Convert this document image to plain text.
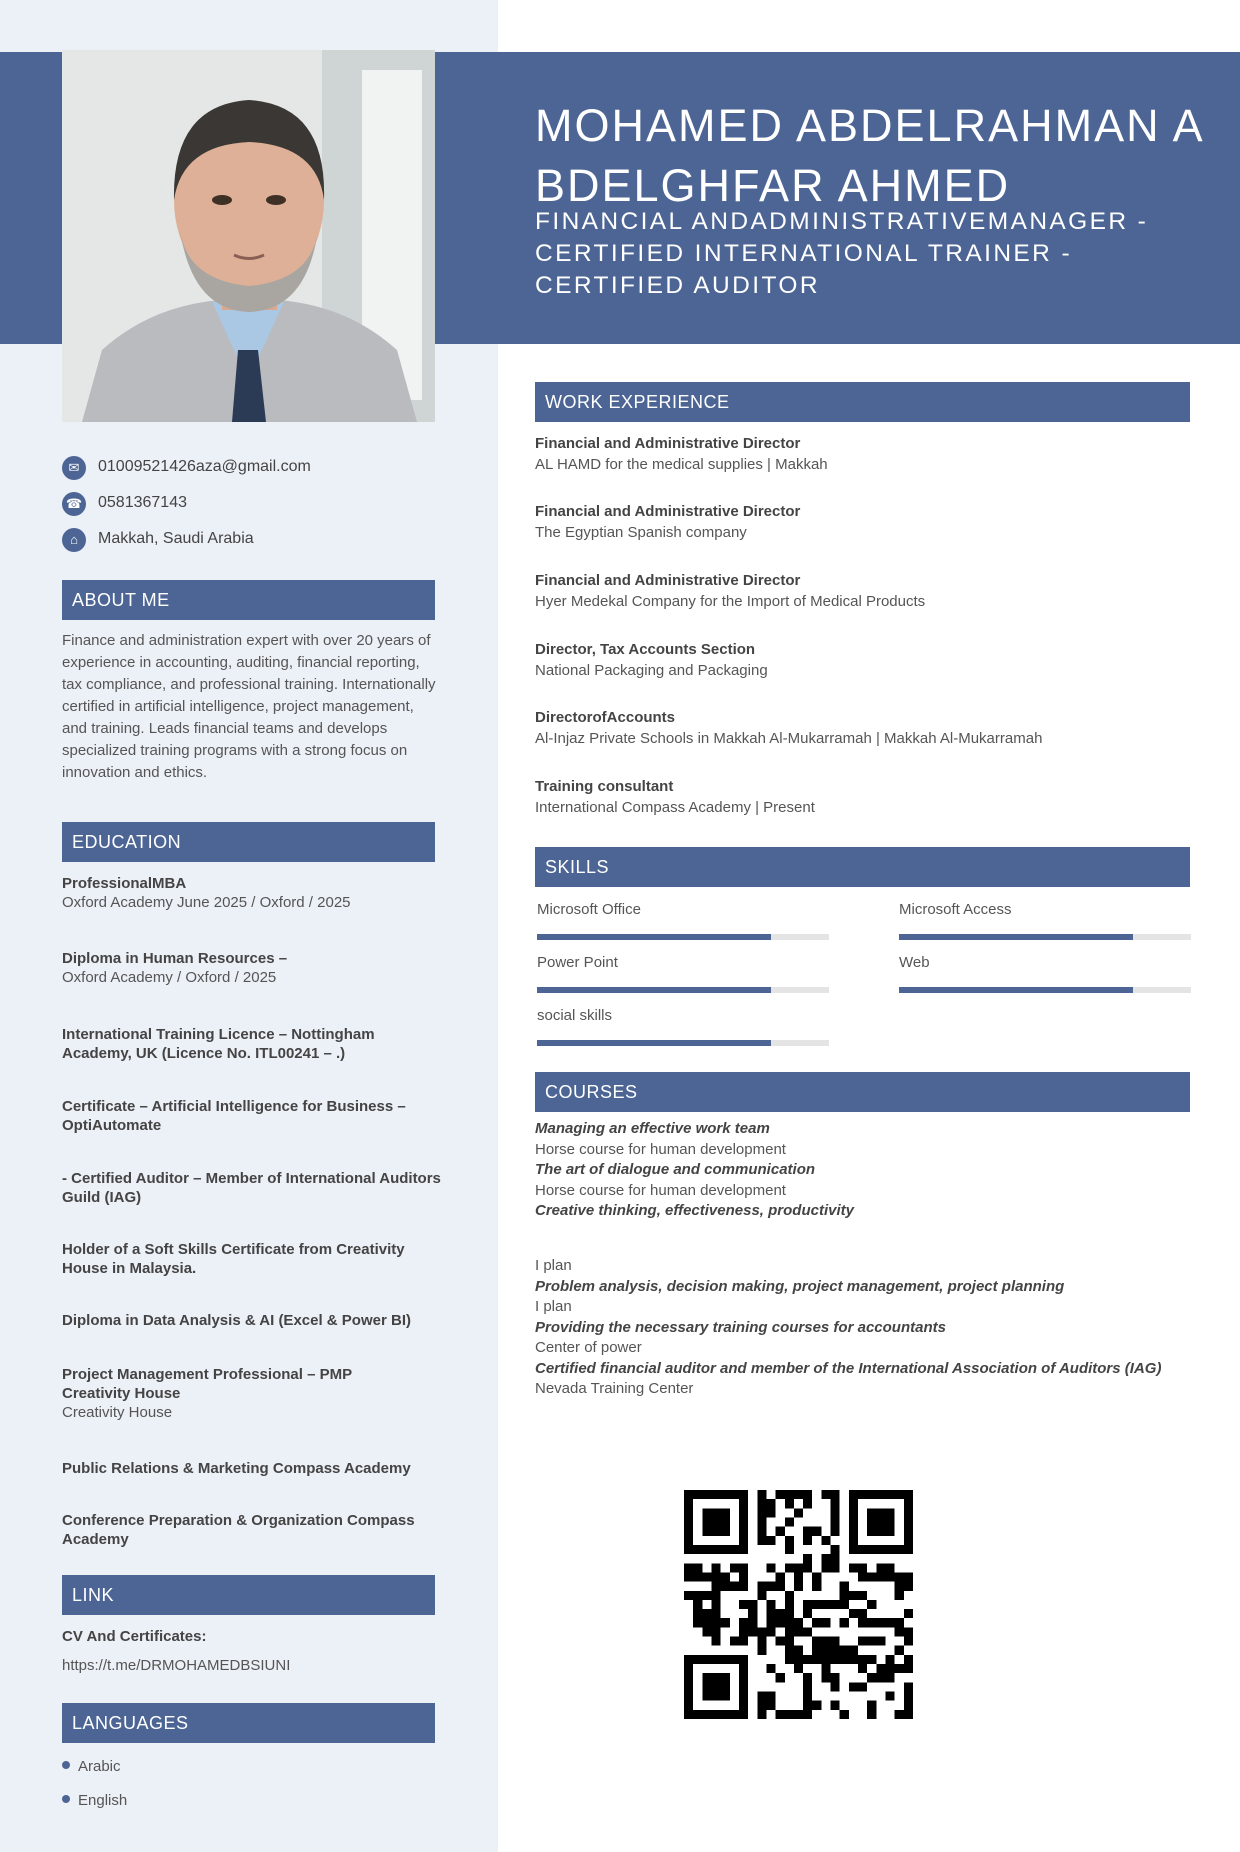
MOHAMED ABDELRAHMAN ABDELGHFAR AHMED
FINANCIAL ANDADMINISTRATIVEMANAGER - CERTIFIED INTERNATIONAL TRAINER - CERTIFIED AUDITOR
✉	01009521426aza@gmail.com
☎ 0581367143
⌂	Makkah, Saudi Arabia
ABOUT ME
Finance and administration expert with over 20 years of experience in accounting, auditing, financial reporting, tax compliance, and professional training. Internationally certified in artificial intelligence, project management, and training. Leads financial teams and develops specialized training programs with a strong focus on innovation and ethics.
EDUCATION
ProfessionalMBA
Oxford Academy June 2025 / Oxford / 2025
Diploma in Human Resources –
Oxford Academy / Oxford / 2025
International Training Licence – Nottingham Academy, UK (Licence No. ITL00241 – .)
Certificate – Artificial Intelligence for Business – OptiAutomate
- Certified Auditor – Member of International Auditors Guild (IAG)
Holder of a Soft Skills Certificate from Creativity House in Malaysia.
Diploma in Data Analysis & AI (Excel & Power BI)
Project Management Professional – PMP Creativity House
Creativity House
Public Relations & Marketing Compass Academy
Conference Preparation & Organization Compass Academy
LINK
CV And Certificates:
https://t.me/DRMOHAMEDBSIUNI
LANGUAGES
Arabic
English
WORK EXPERIENCE
Financial and Administrative Director
AL HAMD for the medical supplies | Makkah
Financial and Administrative Director
The Egyptian Spanish company
Financial and Administrative Director
Hyer Medekal Company for the Import of Medical Products
Director, Tax Accounts Section
National Packaging and Packaging
DirectorofAccounts
Al-Injaz Private Schools in Makkah Al-Mukarramah | Makkah Al-Mukarramah
Training consultant
International Compass Academy | Present
SKILLS
Microsoft Office	Microsoft Access
Power Point	Web
social skills
COURSES
Managing an effective work team
Horse course for human development
The art of dialogue and communication
Horse course for human development
Creative thinking, effectiveness, productivity
I plan
Problem analysis, decision making, project management, project planning
I plan
Providing the necessary training courses for accountants
Center of power
Certified financial auditor and member of the International Association of Auditors (IAG)
Nevada Training Center
